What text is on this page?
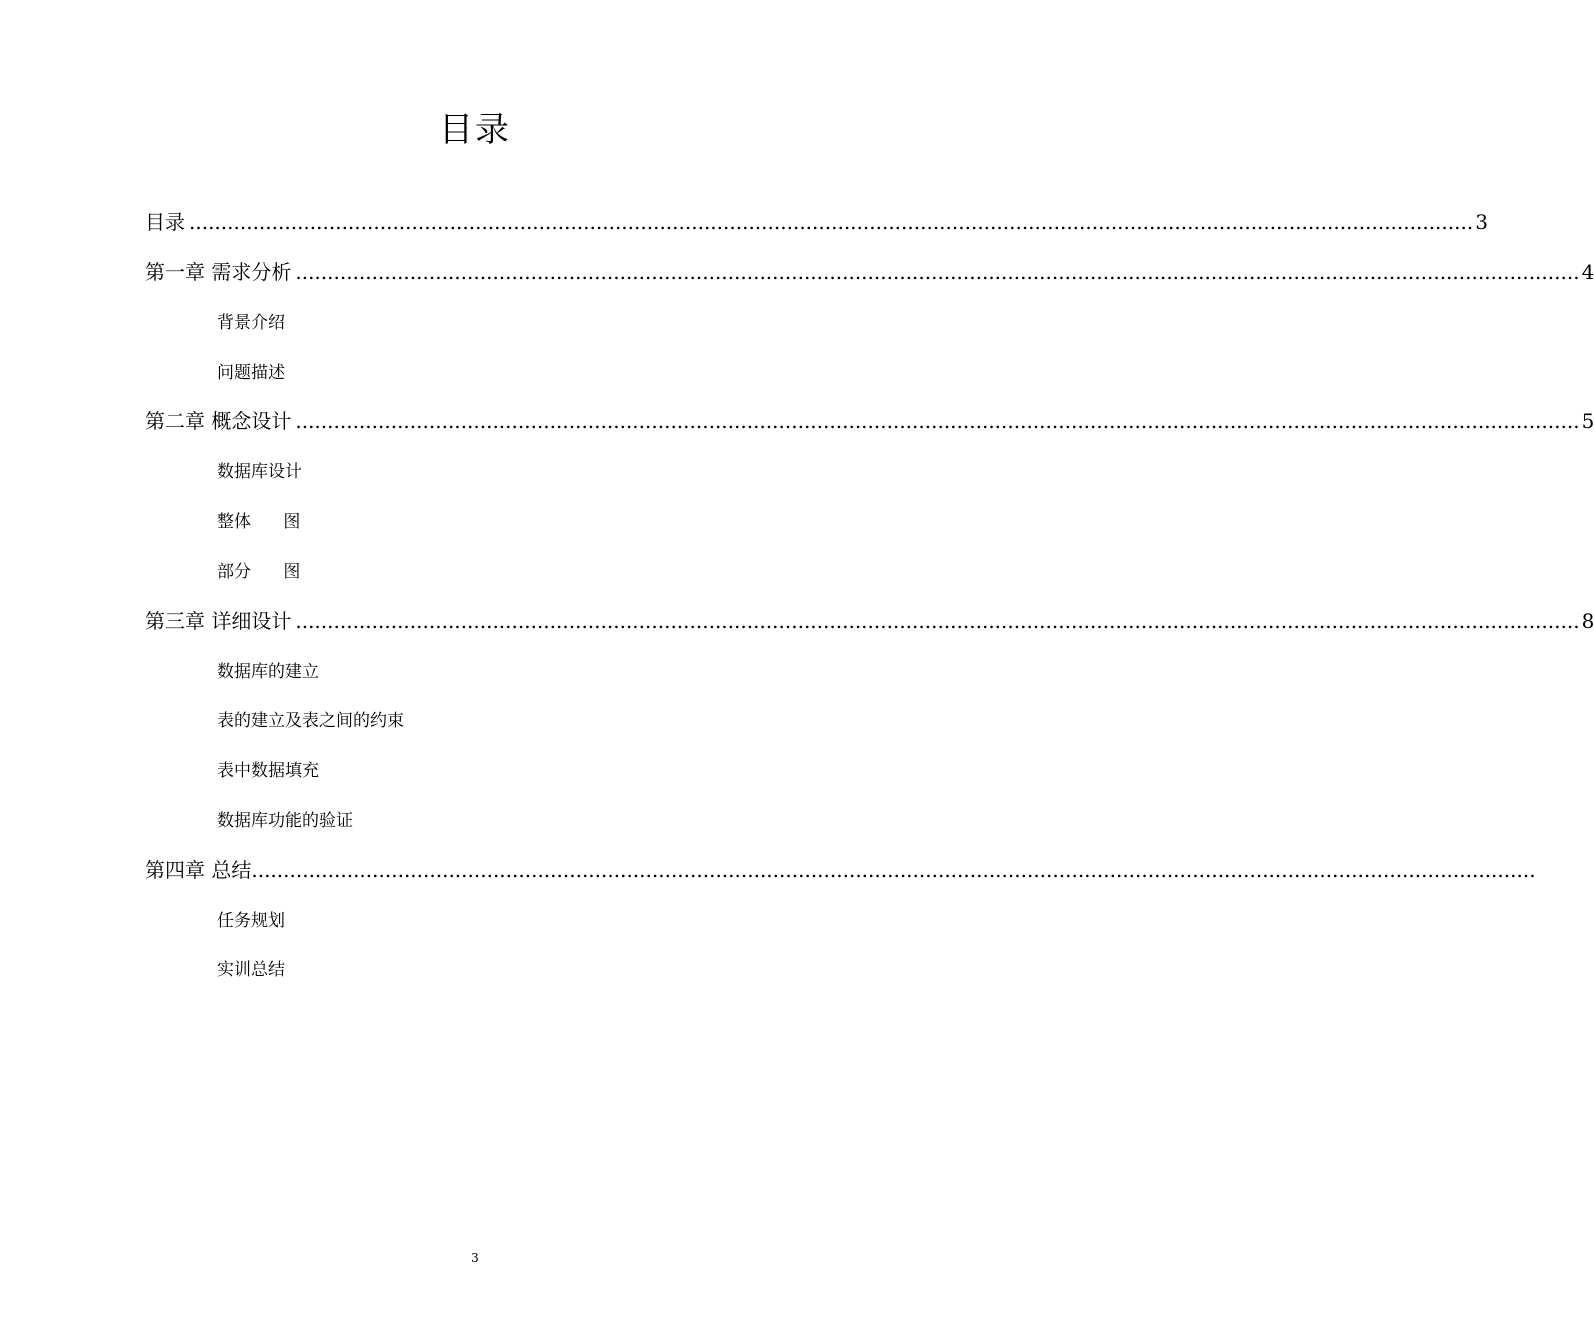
目录
目录 .......................................................................................................................................................................................................... 3
第一章 需求分析 .......................................................................................................................................................................................................... 4
背景介绍
问题描述
第二章 概念设计 .......................................................................................................................................................................................................... 5
数据库设计
整体      图
部分      图
第三章 详细设计 .......................................................................................................................................................................................................... 8
数据库的建立
表的建立及表之间的约束
表中数据填充
数据库功能的验证
第四章 总结 ..........................................................................................................................................................................................................
任务规划
实训总结
3
